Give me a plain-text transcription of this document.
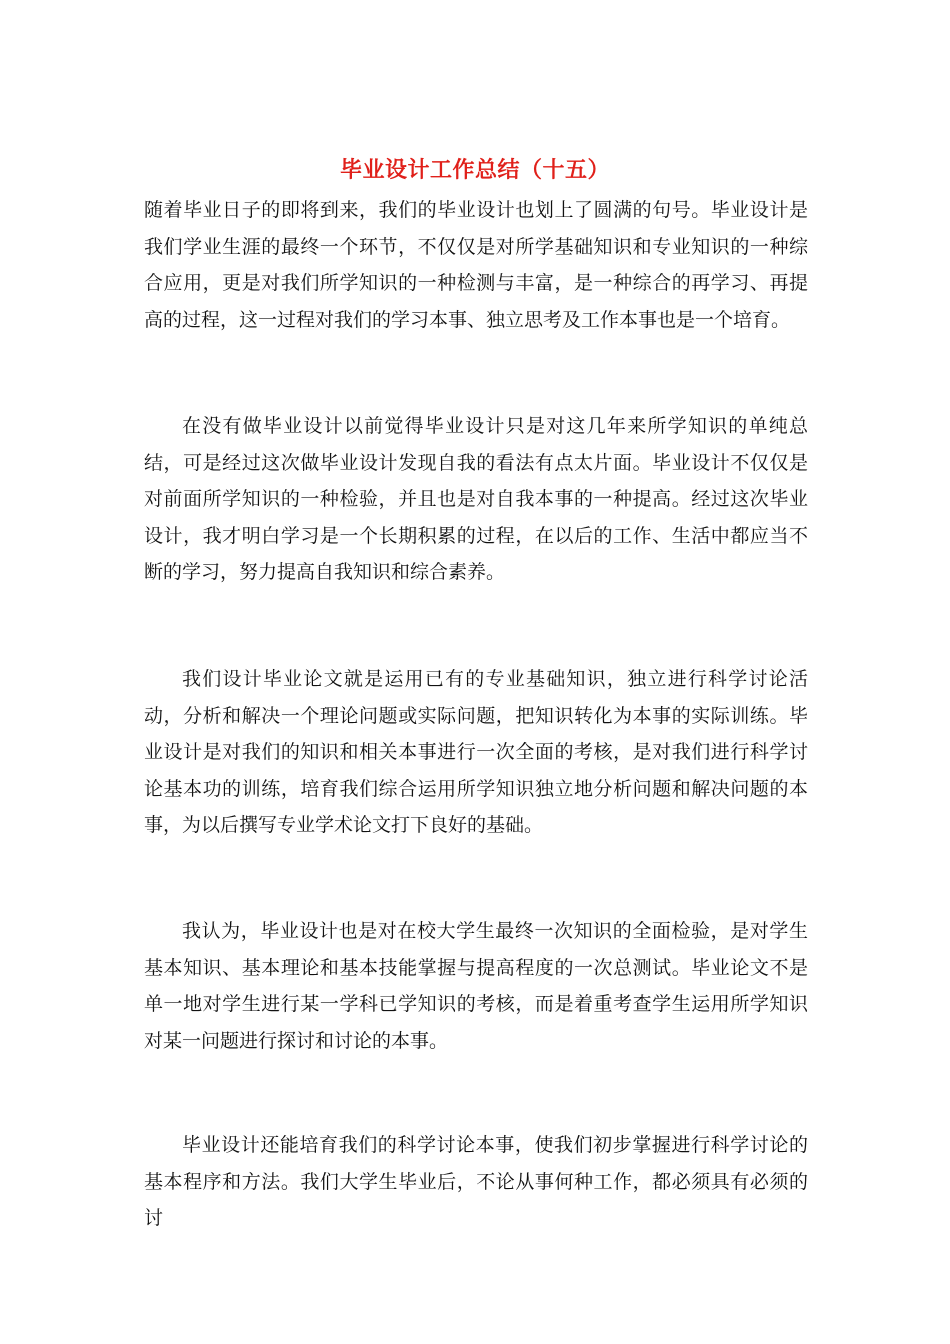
毕业设计工作总结（十五）

随着毕业日子的即将到来，我们的毕业设计也划上了圆满的句号。毕业设计是我们学业生涯的最终一个环节，不仅仅是对所学基础知识和专业知识的一种综合应用，更是对我们所学知识的一种检测与丰富，是一种综合的再学习、再提高的过程，这一过程对我们的学习本事、独立思考及工作本事也是一个培育。

在没有做毕业设计以前觉得毕业设计只是对这几年来所学知识的单纯总结，可是经过这次做毕业设计发现自我的看法有点太片面。毕业设计不仅仅是对前面所学知识的一种检验，并且也是对自我本事的一种提高。经过这次毕业设计，我才明白学习是一个长期积累的过程，在以后的工作、生活中都应当不断的学习，努力提高自我知识和综合素养。

我们设计毕业论文就是运用已有的专业基础知识，独立进行科学讨论活动，分析和解决一个理论问题或实际问题，把知识转化为本事的实际训练。毕业设计是对我们的知识和相关本事进行一次全面的考核，是对我们进行科学讨论基本功的训练，培育我们综合运用所学知识独立地分析问题和解决问题的本事，为以后撰写专业学术论文打下良好的基础。

我认为，毕业设计也是对在校大学生最终一次知识的全面检验，是对学生基本知识、基本理论和基本技能掌握与提高程度的一次总测试。毕业论文不是单一地对学生进行某一学科已学知识的考核，而是着重考查学生运用所学知识对某一问题进行探讨和讨论的本事。

毕业设计还能培育我们的科学讨论本事，使我们初步掌握进行科学讨论的基本程序和方法。我们大学生毕业后，不论从事何种工作，都必须具有必须的讨
